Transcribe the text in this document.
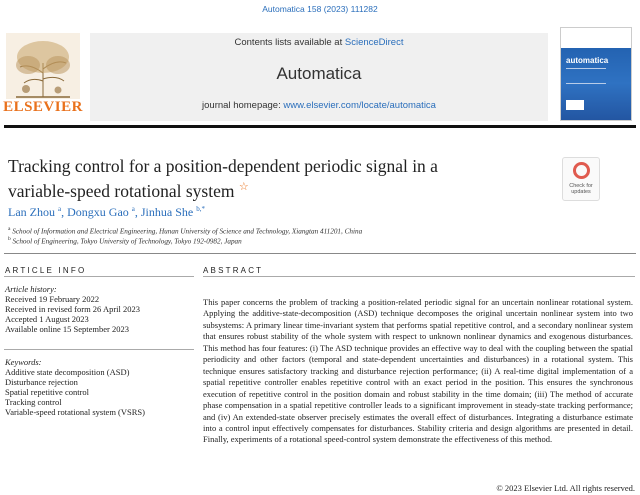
Automatica 158 (2023) 111282
ELSEVIER
Contents lists available at ScienceDirect
Automatica
journal homepage: www.elsevier.com/locate/automatica
automatica
Tracking control for a position-dependent periodic signal in a
variable-speed rotational system ☆	Check for updates
Lan Zhou $^a$, Dongxu Gao $^a$, Jinhua She $^{b,*}$
$^a$ School of Information and Electrical Engineering, Hunan University of Science and Technology, Xiangtan 411201, China
$^b$ School of Engineering, Tokyo University of Technology, Tokyo 192-0982, Japan
ARTICLE INFO
Article history:
Received 19 February 2022
Received in revised form 26 April 2023
Accepted 1 August 2023
Available online 15 September 2023
Keywords:
Additive state decomposition (ASD)
Disturbance rejection
Spatial repetitive control
Tracking control
Variable-speed rotational system (VSRS)
ABSTRACT
This paper concerns the problem of tracking a position-related periodic signal for an uncertain nonlinear rotational system. Applying the additive-state-decomposition (ASD) technique decomposes the original uncertain nonlinear system into two subsystems: A primary linear time-invariant system that performs spatial repetitive control, and a secondary nonlinear system that ensures robust stability of the whole system with respect to unknown nonlinear dynamics and exogenous disturbances. This method has four features: (i) The ASD technique provides an effective way to deal with the coupling between the spatial periodicity and other factors (temporal and state-dependent uncertainties and disturbances) in a rotational system. This technique ensures satisfactory tracking and disturbance rejection performance; (ii) A real-time digital implementation of a spatial repetitive controller enables repetitive control with an exact period in the position. This ensures the synchronous execution of repetitive control in the position domain and robust stability in the time domain; (iii) The method of accurate phase compensation in a spatial repetitive controller leads to a significant improvement in steady-state tracking performance; and (iv) An extended-state observer precisely estimates the overall effect of disturbances. Integrating a disturbance estimate into a control input effectively compensates for disturbances. Stability criteria and design algorithms are presented in detail. Finally, experiments of a rotational speed-control system demonstrate the effectiveness of this method.
© 2023 Elsevier Ltd. All rights reserved.
